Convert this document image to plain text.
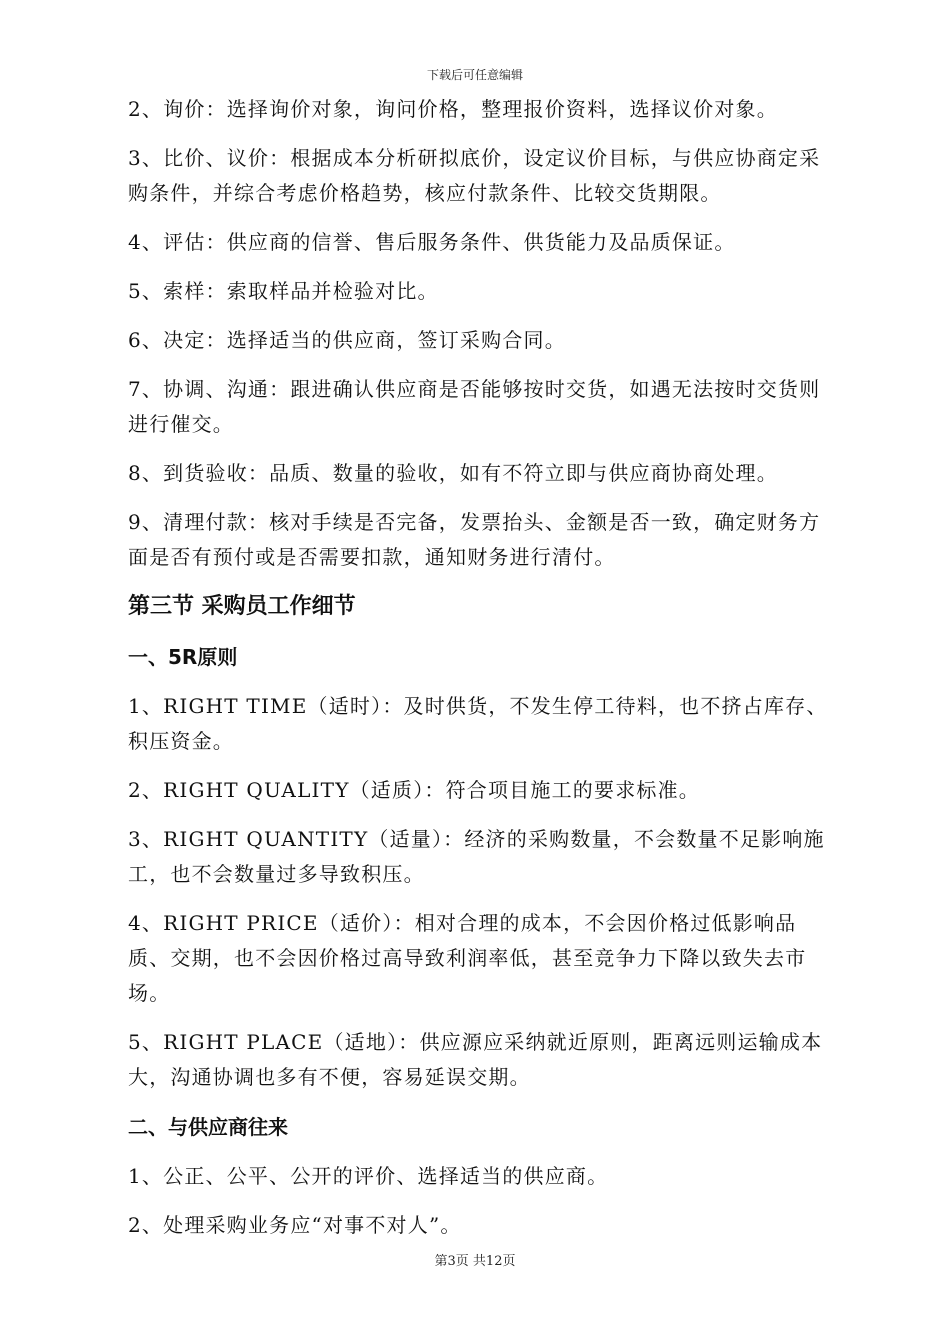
下载后可任意编辑

2、询价：选择询价对象，询问价格，整理报价资料，选择议价对象。

3、比价、议价：根据成本分析研拟底价，设定议价目标，与供应协商定采购条件，并综合考虑价格趋势，核应付款条件、比较交货期限。

4、评估：供应商的信誉、售后服务条件、供货能力及品质保证。

5、索样：索取样品并检验对比。

6、决定：选择适当的供应商，签订采购合同。

7、协调、沟通：跟进确认供应商是否能够按时交货，如遇无法按时交货则进行催交。

8、到货验收：品质、数量的验收，如有不符立即与供应商协商处理。

9、清理付款：核对手续是否完备，发票抬头、金额是否一致，确定财务方面是否有预付或是否需要扣款，通知财务进行清付。

第三节 采购员工作细节
一、5R原则

1、RIGHT TIME（适时）：及时供货，不发生停工待料，也不挤占库存、积压资金。

2、RIGHT QUALITY（适质）：符合项目施工的要求标准。

3、RIGHT QUANTITY（适量）：经济的采购数量，不会数量不足影响施工，也不会数量过多导致积压。

4、RIGHT PRICE（适价）：相对合理的成本，不会因价格过低影响品质、交期，也不会因价格过高导致利润率低，甚至竞争力下降以致失去市场。

5、RIGHT PLACE（适地）：供应源应采纳就近原则，距离远则运输成本大，沟通协调也多有不便，容易延误交期。

二、与供应商往来

1、公正、公平、公开的评价、选择适当的供应商。

2、处理采购业务应“对事不对人”。

第3页 共12页
